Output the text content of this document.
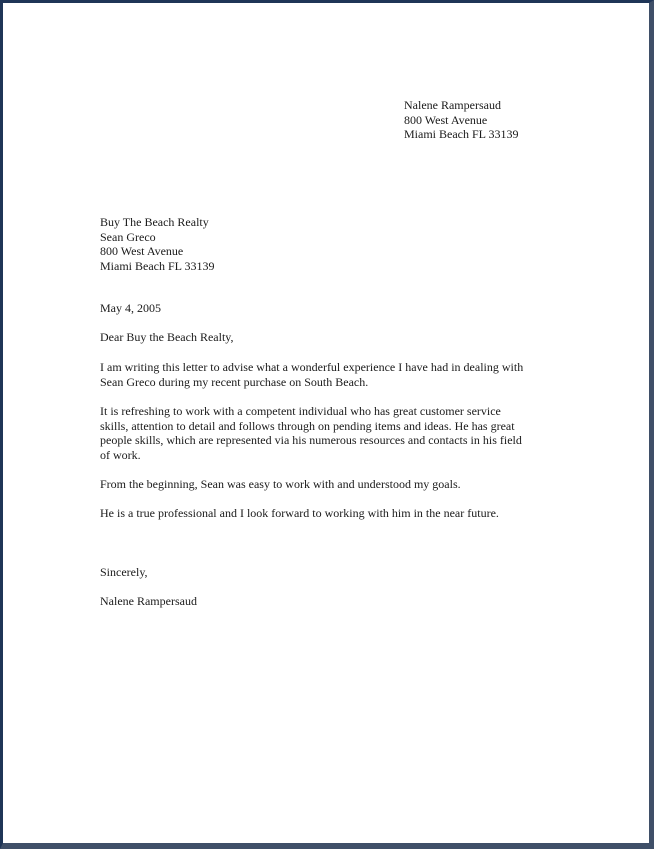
Nalene Rampersaud
800 West Avenue
Miami Beach FL 33139
Buy The Beach Realty
Sean Greco
800 West Avenue
Miami Beach FL 33139
May 4, 2005
Dear Buy the Beach Realty,
I am writing this letter to advise what a wonderful experience I have had in dealing with
Sean Greco during my recent purchase on South Beach.
It is refreshing to work with a competent individual who has great customer service
skills, attention to detail and follows through on pending items and ideas. He has great
people skills, which are represented via his numerous resources and contacts in his field
of work.
From the beginning, Sean was easy to work with and understood my goals.
He is a true professional and I look forward to working with him in the near future.
Sincerely,
Nalene Rampersaud
